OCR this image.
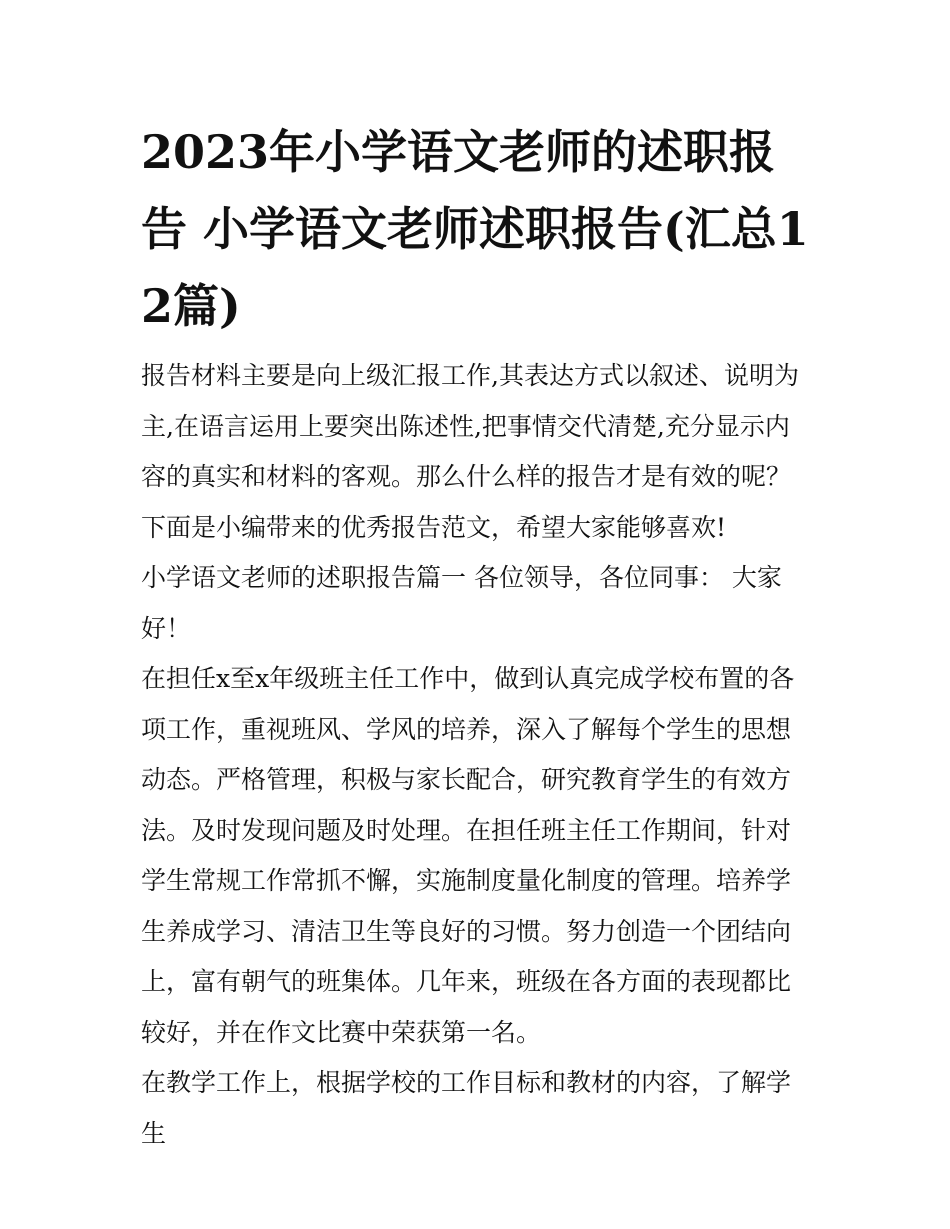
2023年小学语文老师的述职报告 小学语文老师述职报告(汇总12篇)

报告材料主要是向上级汇报工作,其表达方式以叙述、说明为主,在语言运用上要突出陈述性,把事情交代清楚,充分显示内容的真实和材料的客观。那么什么样的报告才是有效的呢？下面是小编带来的优秀报告范文，希望大家能够喜欢!

小学语文老师的述职报告篇一 各位领导，各位同事： 大家好！

在担任x至x年级班主任工作中，做到认真完成学校布置的各项工作，重视班风、学风的培养，深入了解每个学生的思想动态。严格管理，积极与家长配合，研究教育学生的有效方法。及时发现问题及时处理。在担任班主任工作期间，针对学生常规工作常抓不懈，实施制度量化制度的管理。培养学生养成学习、清洁卫生等良好的习惯。努力创造一个团结向上，富有朝气的班集体。几年来，班级在各方面的表现都比较好，并在作文比赛中荣获第一名。

在教学工作上，根据学校的工作目标和教材的内容，了解学生
